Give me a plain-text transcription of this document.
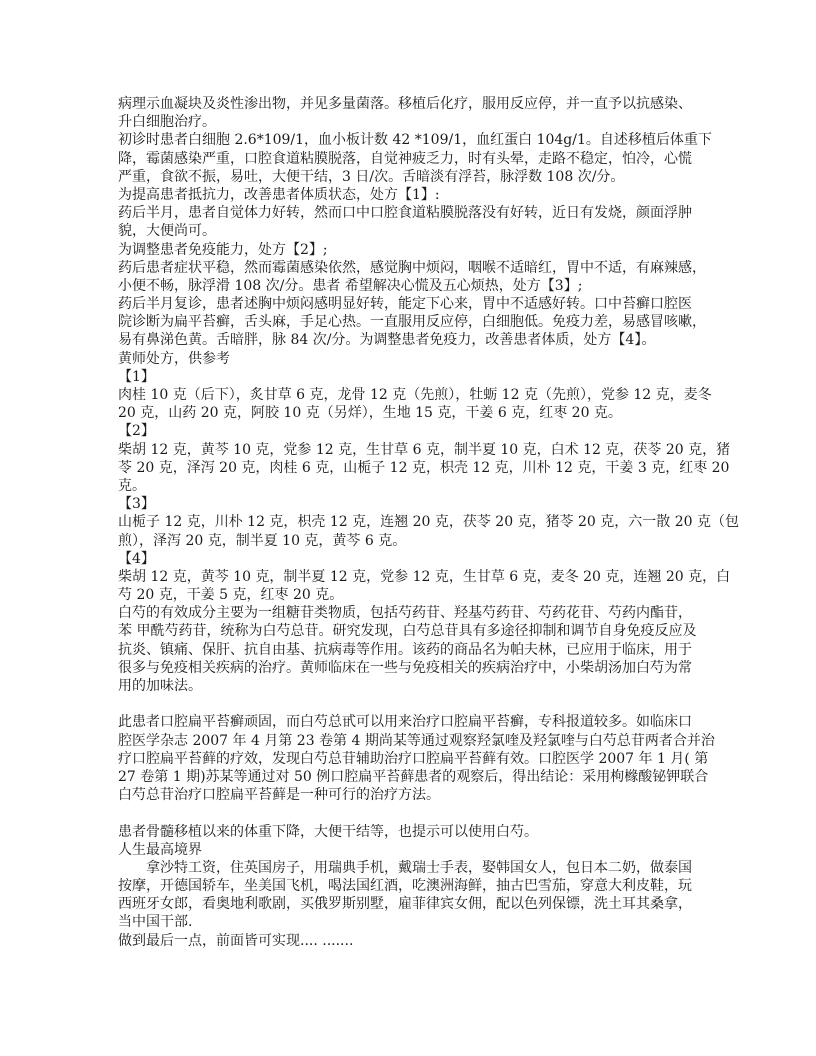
病理示血凝块及炎性渗出物，并见多量菌落。移植后化疗，服用反应停，并一直予以抗感染、
升白细胞治疗。
初诊时患者白细胞 2.6*109/1，血小板计数 42 *109/1，血红蛋白 104g/1。自述移植后体重下
降，霉菌感染严重，口腔食道粘膜脱落，自觉神疲乏力，时有头晕，走路不稳定，怕冷，心慌
严重，食欲不振，易吐，大便干结，3 日/次。舌暗淡有浮苔，脉浮数 108 次/分。
为提高患者抵抗力，改善患者体质状态，处方【1】:
药后半月，患者自觉体力好转，然而口中口腔食道粘膜脱落没有好转，近日有发烧，颜面浮肿
貌，大便尚可。
为调整患者免疫能力，处方【2】;
药后患者症状平稳，然而霉菌感染依然，感觉胸中烦闷，咽喉不适暗红，胃中不适，有麻辣感，
小便不畅，脉浮滑 108 次/分。患者 希望解决心慌及五心烦热，处方【3】;
药后半月复诊，患者述胸中烦闷感明显好转，能定下心来，胃中不适感好转。口中苔癣口腔医
院诊断为扁平苔癣，舌头麻，手足心热。一直服用反应停，白细胞低。免疫力差，易感冒咳嗽，
易有鼻涕色黄。舌暗胖，脉 84 次/分。为调整患者免疫力，改善患者体质，处方【4】。
黄师处方，供参考
【1】
肉桂 10 克（后下），炙甘草 6 克，龙骨 12 克（先煎），牡蛎 12 克（先煎），党参 12 克，麦冬
20 克，山药 20 克，阿胶 10 克（另烊），生地 15 克，干姜 6 克，红枣 20 克。
【2】
柴胡 12 克，黄芩 10 克，党参 12 克，生甘草 6 克，制半夏 10 克，白术 12 克，茯苓 20 克，猪
苓 20 克，泽泻 20 克，肉桂 6 克，山栀子 12 克，枳壳 12 克，川朴 12 克，干姜 3 克，红枣 20
克。
【3】
山栀子 12 克，川朴 12 克，枳壳 12 克，连翘 20 克，茯苓 20 克，猪苓 20 克，六一散 20 克（包
煎），泽泻 20 克，制半夏 10 克，黄芩 6 克。
【4】
柴胡 12 克，黄芩 10 克，制半夏 12 克，党参 12 克，生甘草 6 克，麦冬 20 克，连翘 20 克，白
芍 20 克，干姜 5 克，红枣 20 克。
白芍的有效成分主要为一组糖苷类物质，包括芍药苷、羟基芍药苷、芍药花苷、芍药内酯苷，
苯 甲酰芍药苷，统称为白芍总苷。研究发现，白芍总苷具有多途径抑制和调节自身免疫反应及
抗炎、镇痛、保肝、抗自由基、抗病毒等作用。该药的商品名为帕夫林，已应用于临床，用于
很多与免疫相关疾病的治疗。黄师临床在一些与免疫相关的疾病治疗中，小柴胡汤加白芍为常
用的加味法。

此患者口腔扁平苔癣顽固，而白芍总甙可以用来治疗口腔扁平苔癣，专科报道较多。如临床口
腔医学杂志 2007 年 4 月第 23 卷第 4 期尚某等通过观察羟氯喹及羟氯喹与白芍总苷两者合并治
疗口腔扁平苔藓的疗效，发现白芍总苷辅助治疗口腔扁平苔藓有效。口腔医学 2007 年 1 月( 第
27 卷第 1 期)苏某等通过对 50 例口腔扁平苔藓患者的观察后，得出结论：采用枸橼酸铋钾联合
白芍总苷治疗口腔扁平苔藓是一种可行的治疗方法。

患者骨髓移植以来的体重下降，大便干结等，也提示可以使用白芍。
人生最高境界
拿沙特工资，住英国房子，用瑞典手机，戴瑞士手表，娶韩国女人，包日本二奶，做泰国
按摩，开德国轿车，坐美国飞机，喝法国红酒，吃澳洲海鲜，抽古巴雪茄，穿意大利皮鞋，玩
西班牙女郎，看奥地利歌剧，买俄罗斯别墅，雇菲律宾女佣，配以色列保镖，洗土耳其桑拿，
当中国干部.
做到最后一点，前面皆可实现.... .......
